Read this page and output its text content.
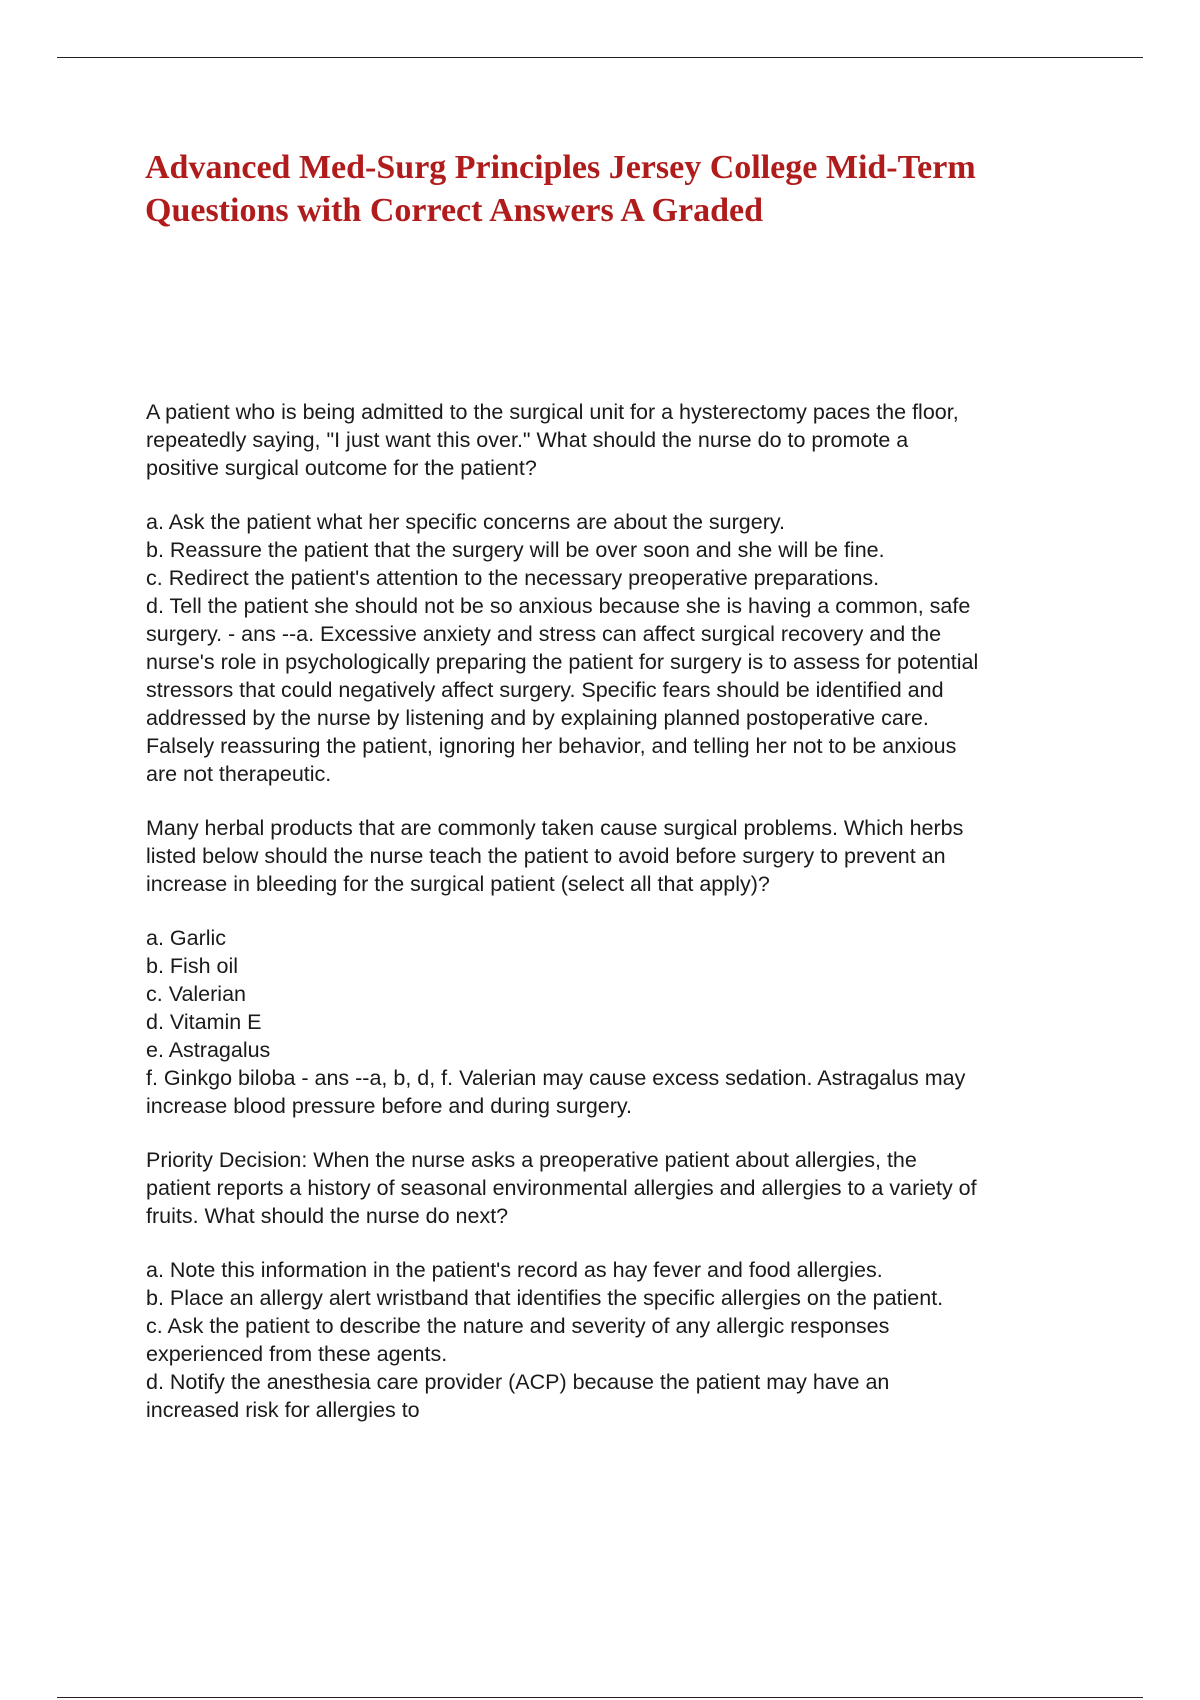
Advanced Med-Surg Principles Jersey College Mid-Term
Questions with Correct Answers A Graded
A patient who is being admitted to the surgical unit for a hysterectomy paces the floor,
repeatedly saying, "I just want this over." What should the nurse do to promote a
positive surgical outcome for the patient?
a. Ask the patient what her specific concerns are about the surgery.
b. Reassure the patient that the surgery will be over soon and she will be fine.
c. Redirect the patient's attention to the necessary preoperative preparations.
d. Tell the patient she should not be so anxious because she is having a common, safe
surgery. - ans --a. Excessive anxiety and stress can affect surgical recovery and the
nurse's role in psychologically preparing the patient for surgery is to assess for potential
stressors that could negatively affect surgery. Specific fears should be identified and
addressed by the nurse by listening and by explaining planned postoperative care.
Falsely reassuring the patient, ignoring her behavior, and telling her not to be anxious
are not therapeutic.
Many herbal products that are commonly taken cause surgical problems. Which herbs
listed below should the nurse teach the patient to avoid before surgery to prevent an
increase in bleeding for the surgical patient (select all that apply)?
a. Garlic
b. Fish oil
c. Valerian
d. Vitamin E
e. Astragalus
f. Ginkgo biloba - ans --a, b, d, f. Valerian may cause excess sedation. Astragalus may
increase blood pressure before and during surgery.
Priority Decision: When the nurse asks a preoperative patient about allergies, the
patient reports a history of seasonal environmental allergies and allergies to a variety of
fruits. What should the nurse do next?
a. Note this information in the patient's record as hay fever and food allergies.
b. Place an allergy alert wristband that identifies the specific allergies on the patient.
c. Ask the patient to describe the nature and severity of any allergic responses
experienced from these agents.
d. Notify the anesthesia care provider (ACP) because the patient may have an
increased risk for allergies to
